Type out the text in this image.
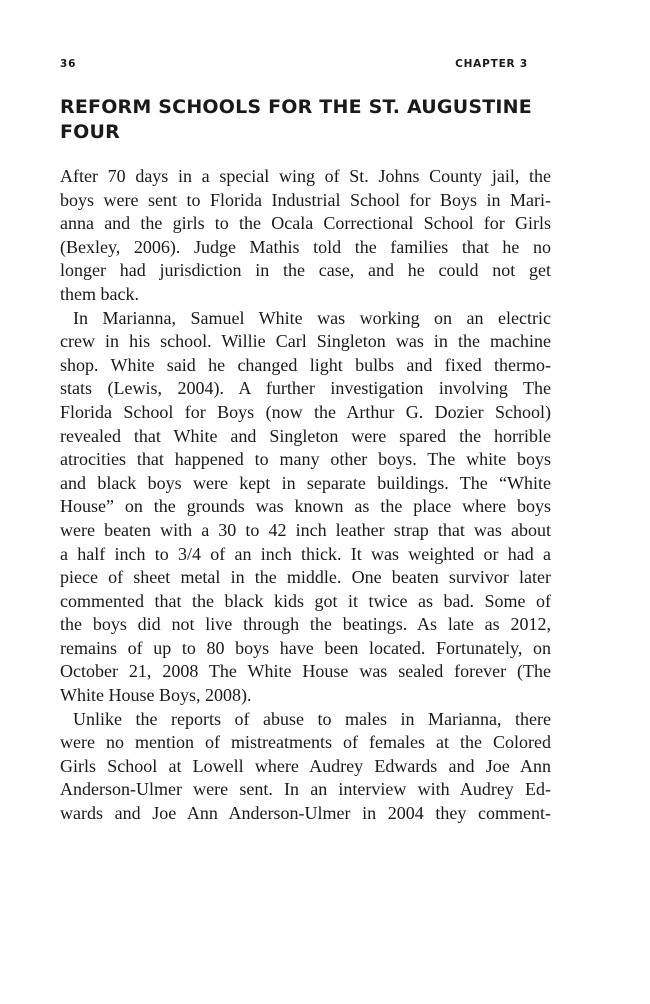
36	CHAPTER 3
REFORM SCHOOLS FOR THE ST. AUGUSTINE
FOUR
After 70 days in a special wing of St. Johns County jail, the
boys were sent to Florida Industrial School for Boys in Mari-
anna and the girls to the Ocala Correctional School for Girls
(Bexley, 2006). Judge Mathis told the families that he no
longer had jurisdiction in the case, and he could not get
them back.
In Marianna, Samuel White was working on an electric
crew in his school. Willie Carl Singleton was in the machine
shop. White said he changed light bulbs and fixed thermo-
stats (Lewis, 2004). A further investigation involving The
Florida School for Boys (now the Arthur G. Dozier School)
revealed that White and Singleton were spared the horrible
atrocities that happened to many other boys. The white boys
and black boys were kept in separate buildings. The “White
House” on the grounds was known as the place where boys
were beaten with a 30 to 42 inch leather strap that was about
a half inch to 3/4 of an inch thick. It was weighted or had a
piece of sheet metal in the middle. One beaten survivor later
commented that the black kids got it twice as bad. Some of
the boys did not live through the beatings. As late as 2012,
remains of up to 80 boys have been located. Fortunately, on
October 21, 2008 The White House was sealed forever (The
White House Boys, 2008).
Unlike the reports of abuse to males in Marianna, there
were no mention of mistreatments of females at the Colored
Girls School at Lowell where Audrey Edwards and Joe Ann
Anderson-Ulmer were sent. In an interview with Audrey Ed-
wards and Joe Ann Anderson-Ulmer in 2004 they comment-
